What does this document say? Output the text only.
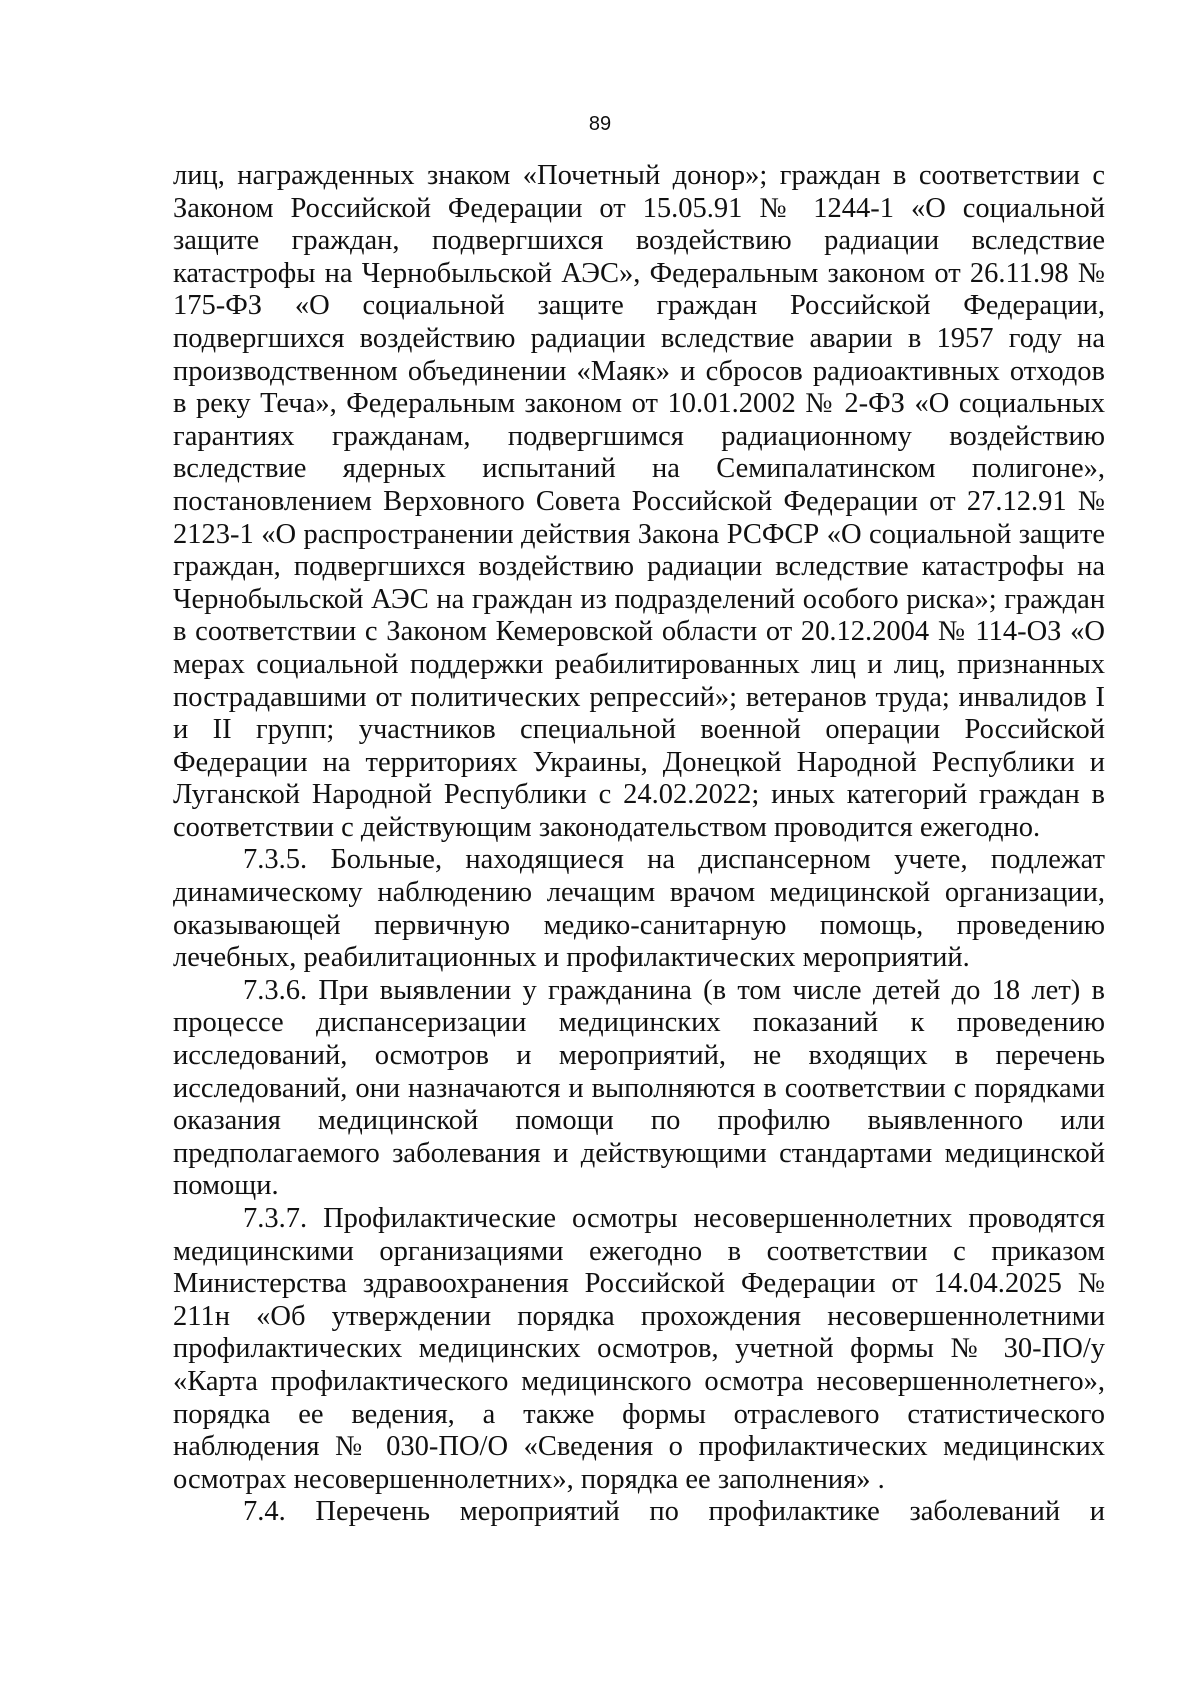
89

лиц, награжденных знаком «Почетный донор»; граждан в соответствии с Законом Российской Федерации от 15.05.91 № 1244-1 «О социальной защите граждан, подвергшихся воздействию радиации вследствие катастрофы на Чернобыльской АЭС», Федеральным законом от 26.11.98 № 175-ФЗ «О социальной защите граждан Российской Федерации, подвергшихся воздействию радиации вследствие аварии в 1957 году на производственном объединении «Маяк» и сбросов радиоактивных отходов в реку Теча», Федеральным законом от 10.01.2002 № 2-ФЗ «О социальных гарантиях гражданам, подвергшимся радиационному воздействию вследствие ядерных испытаний на Семипалатинском полигоне», постановлением Верховного Совета Российской Федерации от 27.12.91 № 2123-1 «О распространении действия Закона РСФСР «О социальной защите граждан, подвергшихся воздействию радиации вследствие катастрофы на Чернобыльской АЭС на граждан из подразделений особого риска»; граждан в соответствии с Законом Кемеровской области от 20.12.2004 № 114-ОЗ «О мерах социальной поддержки реабилитированных лиц и лиц, признанных пострадавшими от политических репрессий»; ветеранов труда; инвалидов I и II групп; участников специальной военной операции Российской Федерации на территориях Украины, Донецкой Народной Республики и Луганской Народной Республики с 24.02.2022; иных категорий граждан в соответствии с действующим законодательством проводится ежегодно.

7.3.5. Больные, находящиеся на диспансерном учете, подлежат динамическому наблюдению лечащим врачом медицинской организации, оказывающей первичную медико-санитарную помощь, проведению лечебных, реабилитационных и профилактических мероприятий.

7.3.6. При выявлении у гражданина (в том числе детей до 18 лет) в процессе диспансеризации медицинских показаний к проведению исследований, осмотров и мероприятий, не входящих в перечень исследований, они назначаются и выполняются в соответствии с порядками оказания медицинской помощи по профилю выявленного или предполагаемого заболевания и действующими стандартами медицинской помощи.

7.3.7. Профилактические осмотры несовершеннолетних проводятся медицинскими организациями ежегодно в соответствии с приказом Министерства здравоохранения Российской Федерации от 14.04.2025 № 211н «Об утверждении порядка прохождения несовершеннолетними профилактических медицинских осмотров, учетной формы № 30-ПО/у «Карта профилактического медицинского осмотра несовершеннолетнего», порядка ее ведения, а также формы отраслевого статистического наблюдения № 030-ПО/О «Сведения о профилактических медицинских осмотрах несовершеннолетних», порядка ее заполнения» .

7.4. Перечень мероприятий по профилактике заболеваний и
